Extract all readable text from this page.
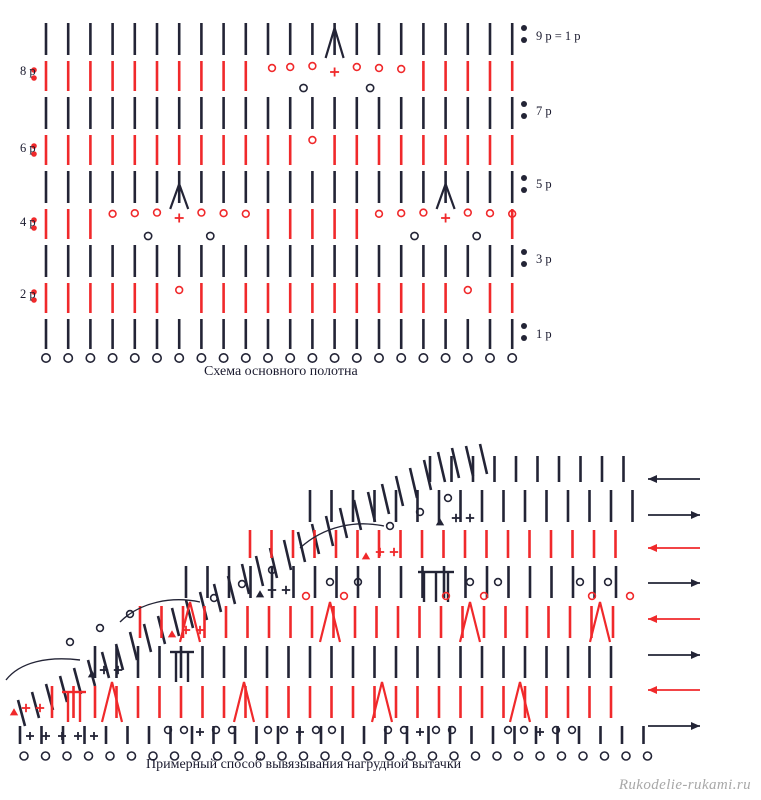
8 р
6 р
4 р
2 р
9 р = 1 р
7 р
5 р
3 р
1 р
Схема основного полотна
Примерный способ вывязывания нагрудной вытачки
Rukodelie-rukami.ru
